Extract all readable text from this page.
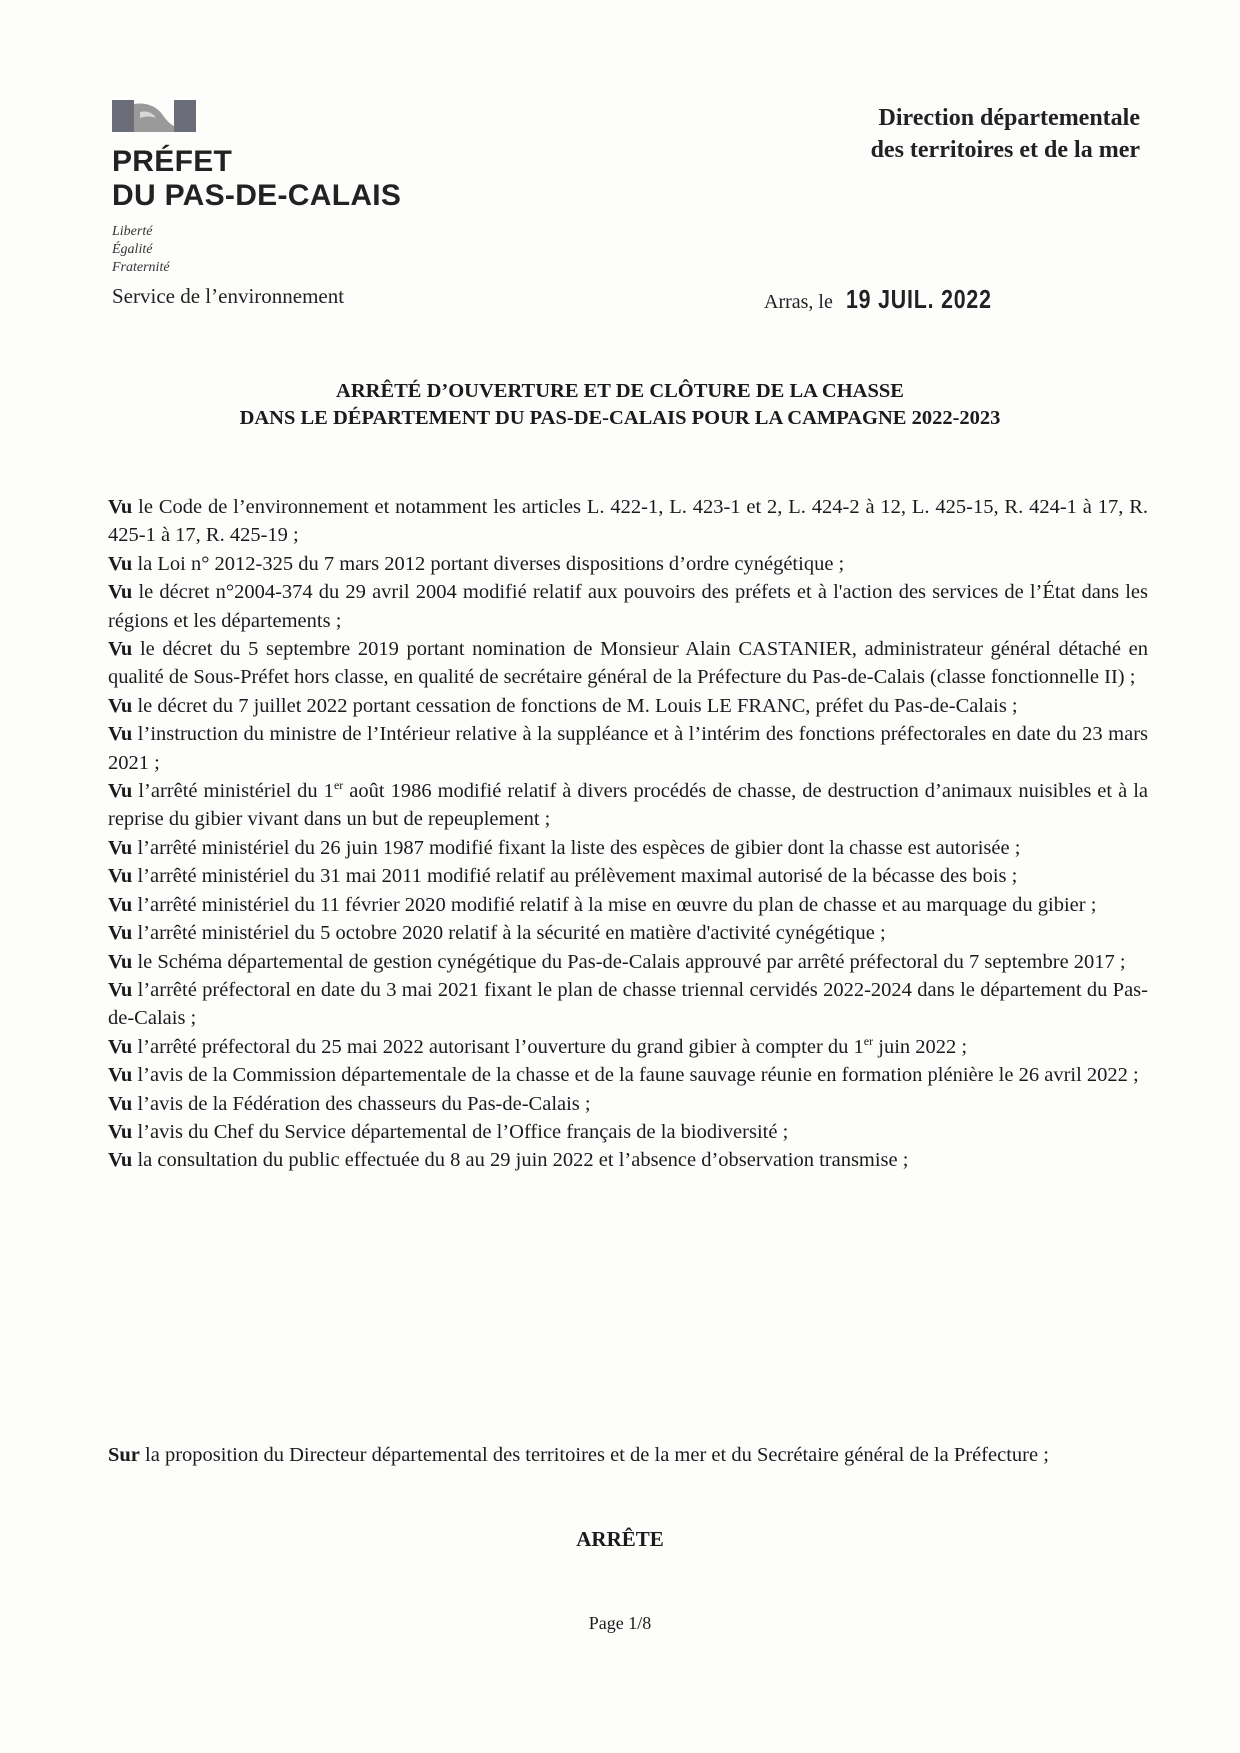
PRÉFET
DU PAS-DE-CALAIS
Liberté
Égalité
Fraternité
Service de l’environnement
Direction départementale
des territoires et de la mer
Arras, le 19 JUIL. 2022
ARRÊTÉ D’OUVERTURE ET DE CLÔTURE DE LA CHASSE
DANS LE DÉPARTEMENT DU PAS-DE-CALAIS POUR LA CAMPAGNE 2022-2023
Vu le Code de l’environnement et notamment les articles L. 422-1, L. 423-1 et 2, L. 424-2 à 12, L. 425-15, R. 424-1 à 17, R. 425-1 à 17, R. 425-19 ;
Vu la Loi n° 2012-325 du 7 mars 2012 portant diverses dispositions d’ordre cynégétique ;
Vu le décret n°2004-374 du 29 avril 2004 modifié relatif aux pouvoirs des préfets et à l'action des services de l’État dans les régions et les départements ;
Vu le décret du 5 septembre 2019 portant nomination de Monsieur Alain CASTANIER, administrateur général détaché en qualité de Sous-Préfet hors classe, en qualité de secrétaire général de la Préfecture du Pas-de-Calais (classe fonctionnelle II) ;
Vu le décret du 7 juillet 2022 portant cessation de fonctions de M. Louis LE FRANC, préfet du Pas-de-Calais ;
Vu l’instruction du ministre de l’Intérieur relative à la suppléance et à l’intérim des fonctions préfectorales en date du 23 mars 2021 ;
Vu l’arrêté ministériel du 1er août 1986 modifié relatif à divers procédés de chasse, de destruction d’animaux nuisibles et à la reprise du gibier vivant dans un but de repeuplement ;
Vu l’arrêté ministériel du 26 juin 1987 modifié fixant la liste des espèces de gibier dont la chasse est autorisée ;
Vu l’arrêté ministériel du 31 mai 2011 modifié relatif au prélèvement maximal autorisé de la bécasse des bois ;
Vu l’arrêté ministériel du 11 février 2020 modifié relatif à la mise en œuvre du plan de chasse et au marquage du gibier ;
Vu l’arrêté ministériel du 5 octobre 2020 relatif à la sécurité en matière d'activité cynégétique ;
Vu le Schéma départemental de gestion cynégétique du Pas-de-Calais approuvé par arrêté préfectoral du 7 septembre 2017 ;
Vu l’arrêté préfectoral en date du 3 mai 2021 fixant le plan de chasse triennal cervidés 2022-2024 dans le département du Pas-de-Calais ;
Vu l’arrêté préfectoral du 25 mai 2022 autorisant l’ouverture du grand gibier à compter du 1er juin 2022 ;
Vu l’avis de la Commission départementale de la chasse et de la faune sauvage réunie en formation plénière le 26 avril 2022 ;
Vu l’avis de la Fédération des chasseurs du Pas-de-Calais ;
Vu l’avis du Chef du Service départemental de l’Office français de la biodiversité ;
Vu la consultation du public effectuée du 8 au 29 juin 2022 et l’absence d’observation transmise ;
Sur la proposition du Directeur départemental des territoires et de la mer et du Secrétaire général de la Préfecture ;
ARRÊTE
Page 1/8
